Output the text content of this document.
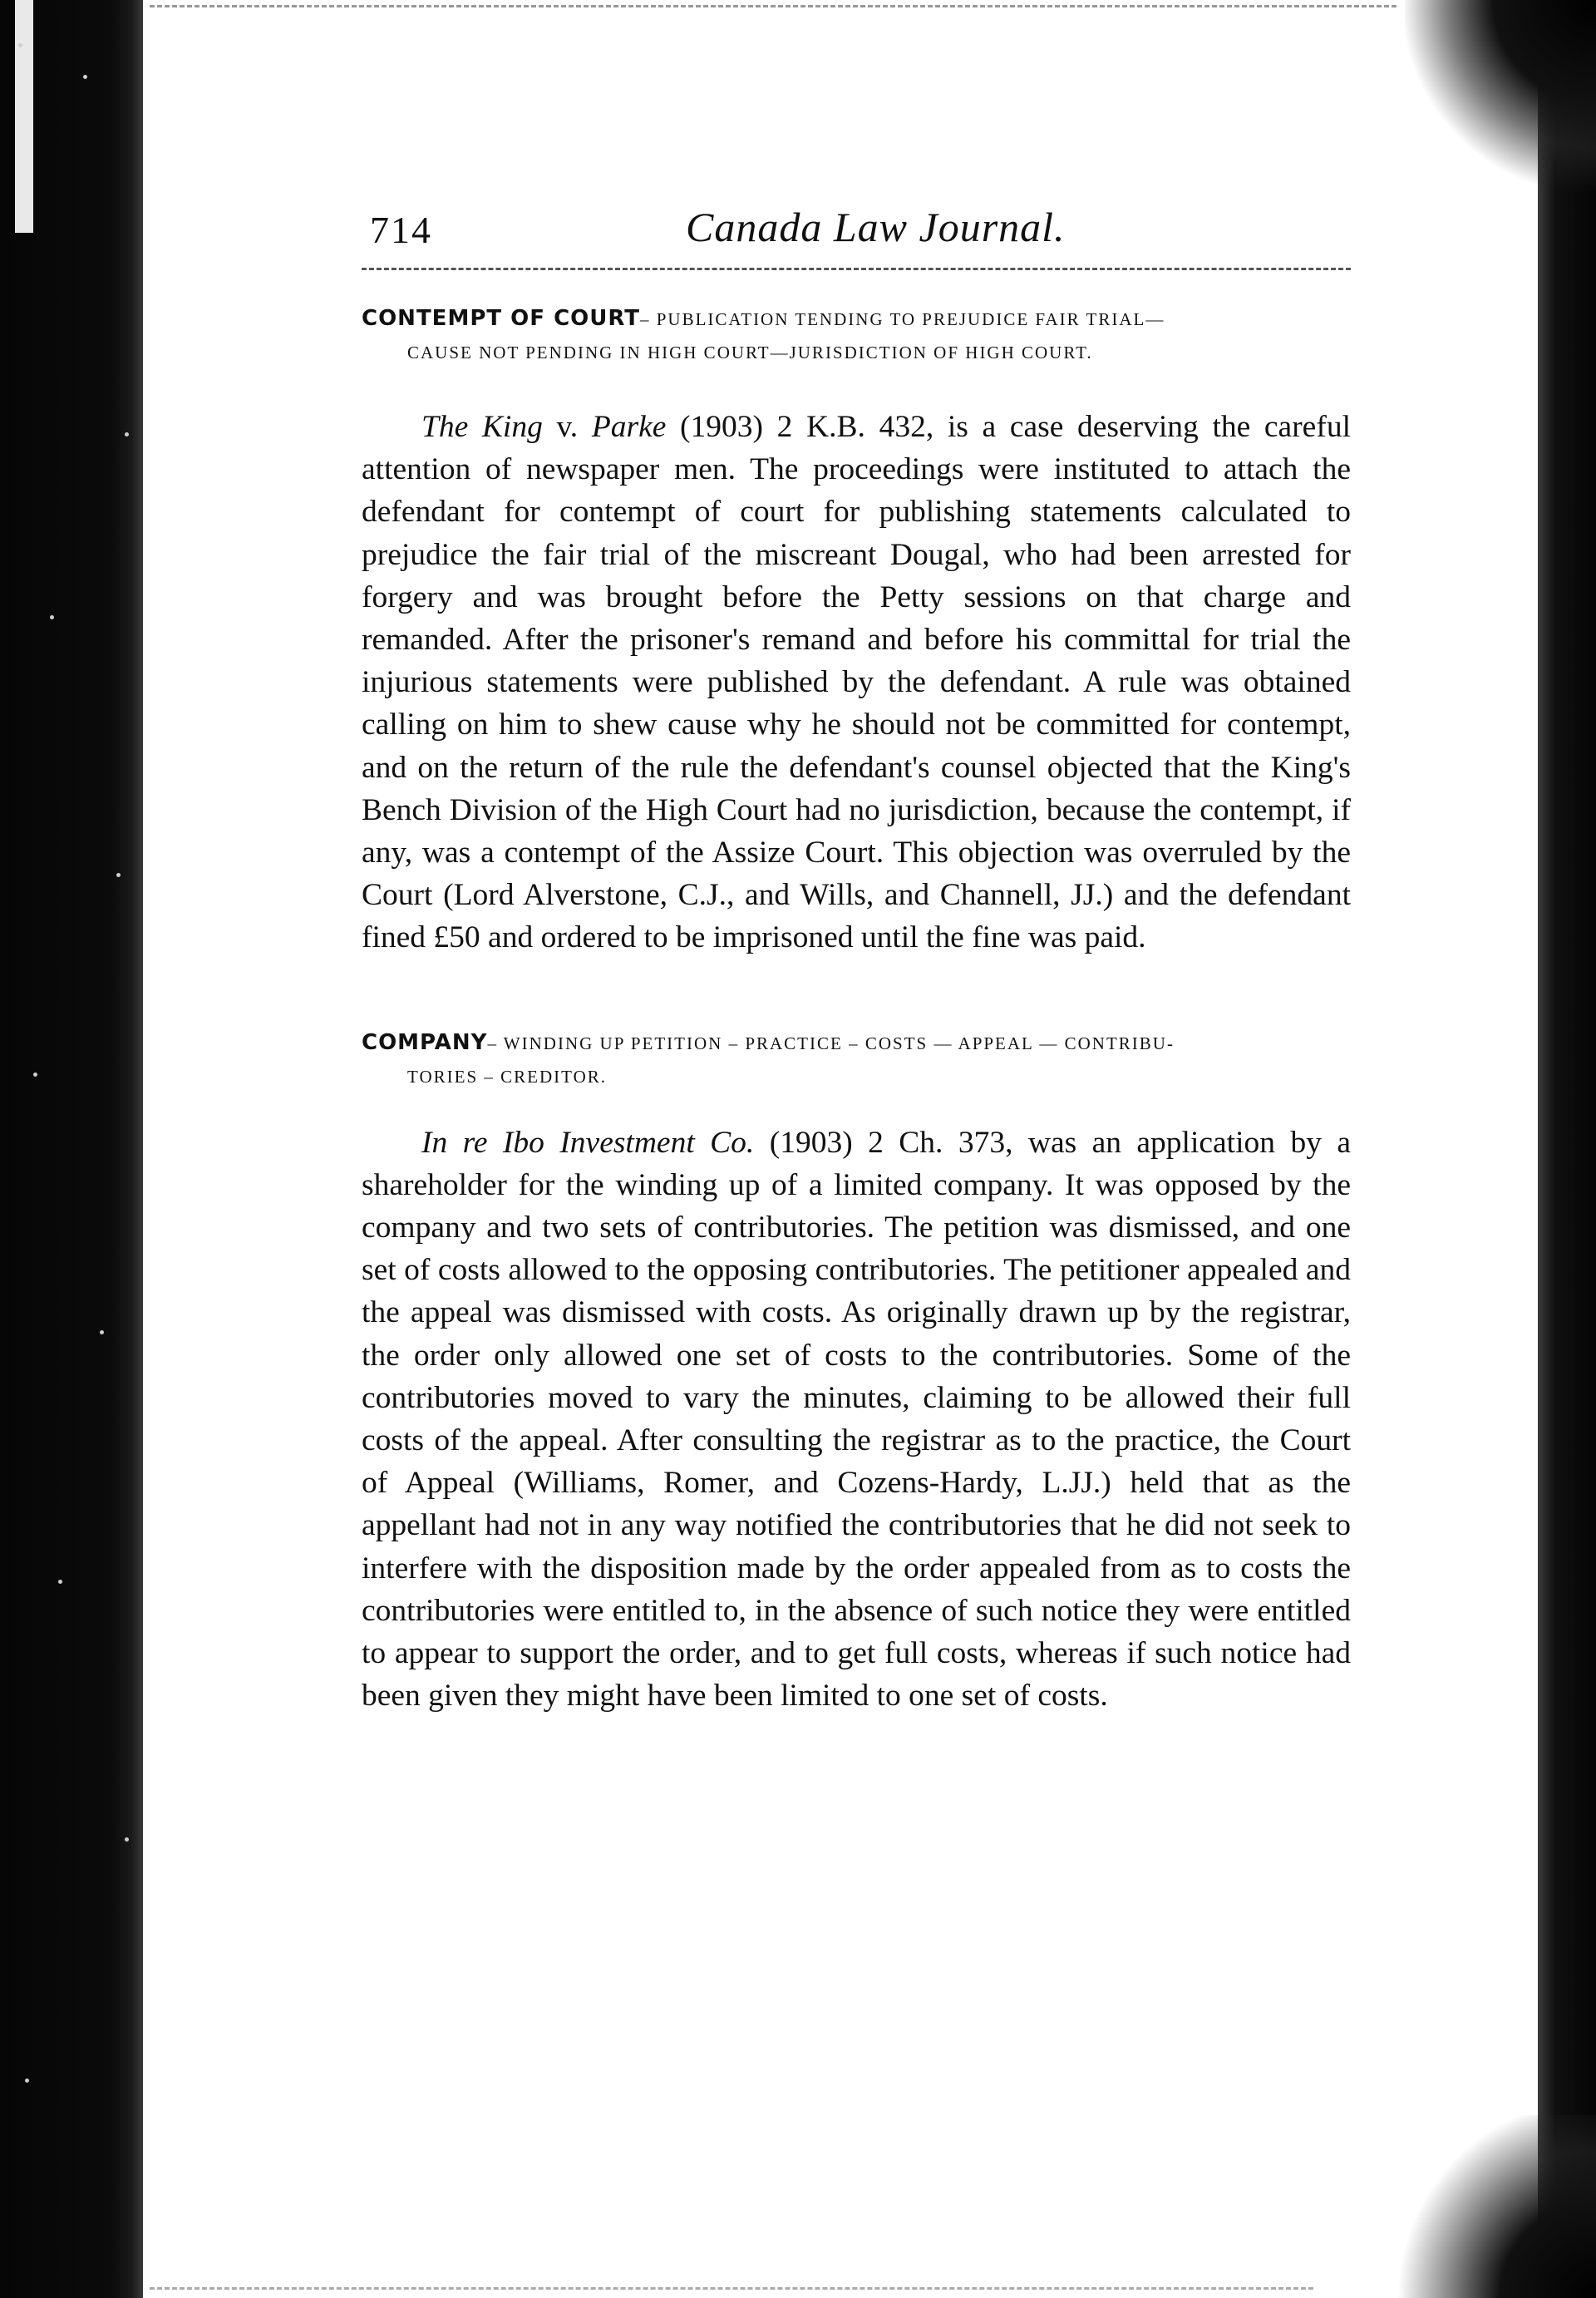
714	Canada Law Journal.
CONTEMPT OF COURT– PUBLICATION TENDING TO PREJUDICE FAIR TRIAL—
CAUSE NOT PENDING IN HIGH COURT—JURISDICTION OF HIGH COURT.

The King v. Parke (1903) 2 K.B. 432, is a case deserving the careful attention of newspaper men. The proceedings were instituted to attach the defendant for contempt of court for publishing statements calculated to prejudice the fair trial of the miscreant Dougal, who had been arrested for forgery and was brought before the Petty sessions on that charge and remanded. After the prisoner's remand and before his committal for trial the injurious statements were published by the defendant. A rule was obtained calling on him to shew cause why he should not be committed for contempt, and on the return of the rule the defendant's counsel objected that the King's Bench Division of the High Court had no jurisdiction, because the contempt, if any, was a contempt of the Assize Court. This objection was overruled by the Court (Lord Alverstone, C.J., and Wills, and Channell, JJ.) and the defendant fined £50 and ordered to be imprisoned until the fine was paid.

COMPANY– WINDING UP PETITION – PRACTICE – COSTS — APPEAL — CONTRIBU-
TORIES – CREDITOR.

In re Ibo Investment Co. (1903) 2 Ch. 373, was an application by a shareholder for the winding up of a limited company. It was opposed by the company and two sets of contributories. The petition was dismissed, and one set of costs allowed to the opposing contributories. The petitioner appealed and the appeal was dismissed with costs. As originally drawn up by the registrar, the order only allowed one set of costs to the contributories. Some of the contributories moved to vary the minutes, claiming to be allowed their full costs of the appeal. After consulting the registrar as to the practice, the Court of Appeal (Williams, Romer, and Cozens-Hardy, L.JJ.) held that as the appellant had not in any way notified the contributories that he did not seek to interfere with the disposition made by the order appealed from as to costs the contributories were entitled to, in the absence of such notice they were entitled to appear to support the order, and to get full costs, whereas if such notice had been given they might have been limited to one set of costs.
